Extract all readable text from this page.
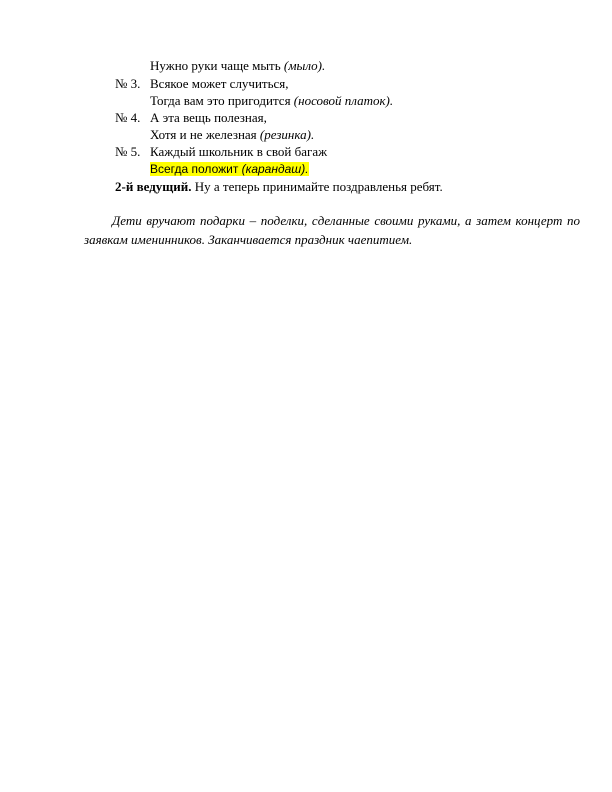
Нужно руки чаще мыть (мыло).
№ 3. Всякое может случиться,
Тогда вам это пригодится (носовой платок).
№ 4. А эта вещь полезная,
Хотя и не железная (резинка).
№ 5. Каждый школьник в свой багаж
Всегда положит (карандаш).
2-й ведущий. Ну а теперь принимайте поздравленья ребят.
Дети вручают подарки – поделки, сделанные своими руками, а затем концерт по заявкам именинников. Заканчивается праздник чаепитием.
